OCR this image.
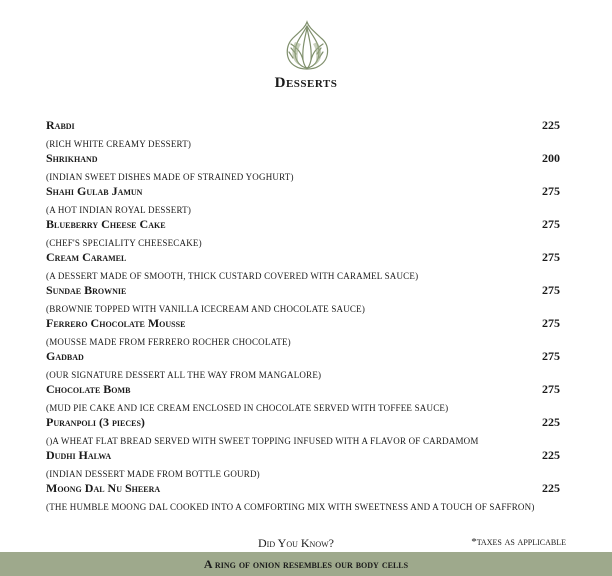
Desserts
Rabdi	225
(RICH WHITE CREAMY DESSERT)
Shrikhand	200
(INDIAN SWEET DISHES MADE OF STRAINED YOGHURT)
Shahi Gulab Jamun	275
(A HOT INDIAN ROYAL DESSERT)
Blueberry Cheese Cake	275
(CHEF'S SPECIALITY CHEESECAKE)
Cream Caramel	275
(A DESSERT MADE OF SMOOTH, THICK CUSTARD COVERED WITH CARAMEL SAUCE)
Sundae Brownie	275
(BROWNIE TOPPED WITH VANILLA ICECREAM AND CHOCOLATE SAUCE)
Ferrero Chocolate Mousse	275
(MOUSSE MADE FROM FERRERO ROCHER CHOCOLATE)
Gadbad	275
(OUR SIGNATURE DESSERT ALL THE WAY FROM MANGALORE)
Chocolate Bomb	275
(MUD PIE CAKE AND ICE CREAM ENCLOSED IN CHOCOLATE SERVED WITH TOFFEE SAUCE)
Puranpoli (3 pieces)	225
()A WHEAT FLAT BREAD SERVED WITH SWEET TOPPING INFUSED WITH A FLAVOR OF CARDAMOM
Dudhi Halwa	225
(INDIAN DESSERT MADE FROM BOTTLE GOURD)
Moong Dal Nu Sheera	225
(THE HUMBLE MOONG DAL COOKED INTO A COMFORTING MIX WITH SWEETNESS AND A TOUCH OF SAFFRON)
Did You Know?	*taxes as applicable
A ring of onion resembles our body cells
